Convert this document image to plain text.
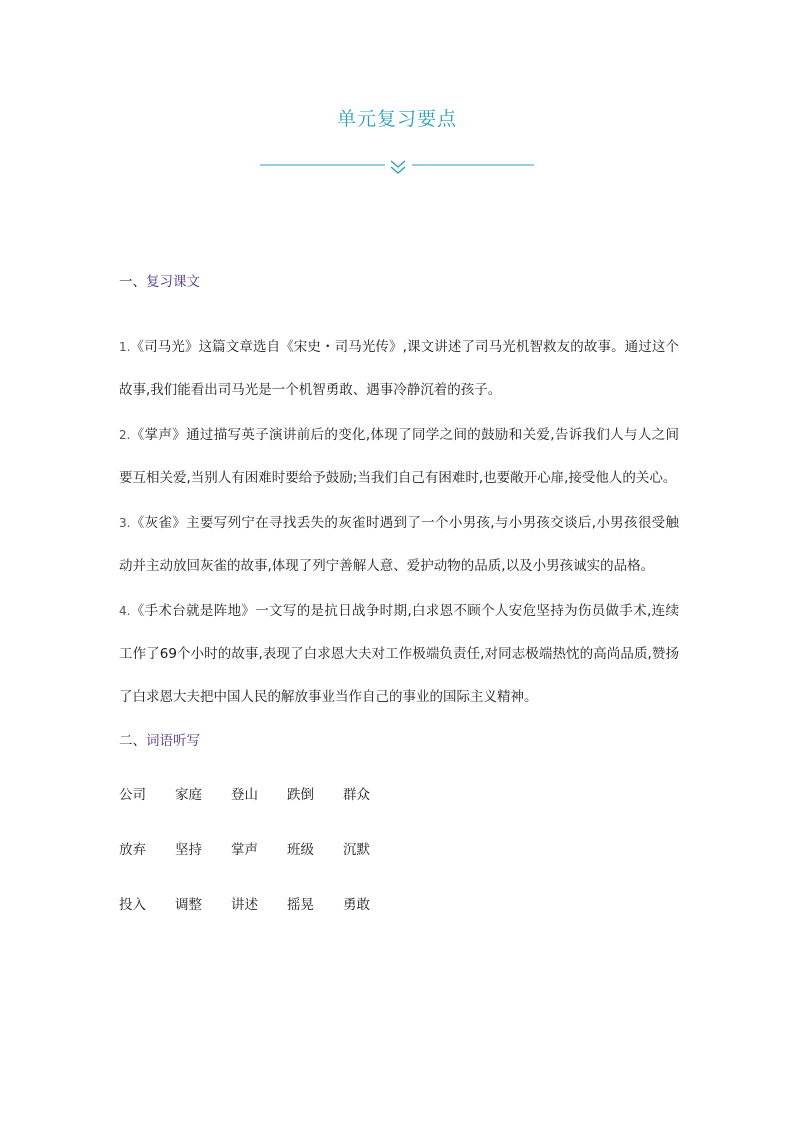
单元复习要点
一、复习课文

1.《司马光》这篇文章选自《宋史・司马光传》,课文讲述了司马光机智救友的故事。通过这个故事,我们能看出司马光是一个机智勇敢、遇事冷静沉着的孩子。

2.《掌声》通过描写英子演讲前后的变化,体现了同学之间的鼓励和关爱,告诉我们人与人之间要互相关爱,当别人有困难时要给予鼓励;当我们自己有困难时,也要敞开心扉,接受他人的关心。

3.《灰雀》主要写列宁在寻找丢失的灰雀时遇到了一个小男孩,与小男孩交谈后,小男孩很受触动并主动放回灰雀的故事,体现了列宁善解人意、爱护动物的品质,以及小男孩诚实的品格。

4.《手术台就是阵地》一文写的是抗日战争时期,白求恩不顾个人安危坚持为伤员做手术,连续工作了69个小时的故事,表现了白求恩大夫对工作极端负责任,对同志极端热忱的高尚品质,赞扬了白求恩大夫把中国人民的解放事业当作自己的事业的国际主义精神。

二、词语听写
公司	家庭	登山	跌倒	群众
放弃	坚持	掌声	班级	沉默
投入	调整	讲述	摇晃	勇敢
